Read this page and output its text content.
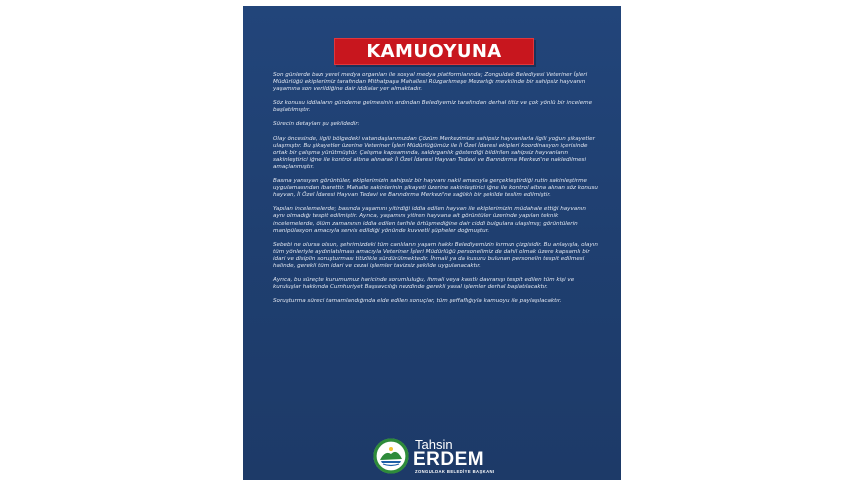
KAMUOYUNA

Son günlerde bazı yerel medya organları ile sosyal medya platformlarında; Zonguldak Belediyesi Veteriner İşleri Müdürlüğü ekiplerimiz tarafından Mithatpaşa Mahallesi Rüzgarlımeşe Mezarlığı mevkiinde bir sahipsiz hayvanın yaşamına son verildiğine dair iddialar yer almaktadır.

Söz konusu iddiaların gündeme gelmesinin ardından Belediyemiz tarafından derhal titiz ve çok yönlü bir inceleme başlatılmıştır.

Sürecin detayları şu şekildedir:

Olay öncesinde, ilgili bölgedeki vatandaşlarımızdan Çözüm Merkezimize sahipsiz hayvanlarla ilgili yoğun şikayetler ulaşmıştır. Bu şikayetler üzerine Veteriner İşleri Müdürlüğümüz ile İl Özel İdaresi ekipleri koordinasyon içerisinde ortak bir çalışma yürütmüştür. Çalışma kapsamında, saldırganlık gösterdiği bildirilen sahipsiz hayvanların sakinleştirici iğne ile kontrol altına alınarak İl Özel İdaresi Hayvan Tedavi ve Barındırma Merkezi'ne nakledilmesi amaçlanmıştır.

Basına yansıyan görüntüler, ekiplerimizin sahipsiz bir hayvanı nakil amacıyla gerçekleştirdiği rutin sakinleştirme uygulamasından ibarettir. Mahalle sakinlerinin şikayeti üzerine sakinleştirici iğne ile kontrol altına alınan söz konusu hayvan, İl Özel İdaresi Hayvan Tedavi ve Barındırma Merkezi'ne sağlıklı bir şekilde teslim edilmiştir.

Yapılan incelemelerde; basında yaşamını yitirdiği iddia edilen hayvan ile ekiplerimizin müdahale ettiği hayvanın aynı olmadığı tespit edilmiştir. Ayrıca, yaşamını yitiren hayvana ait görüntüler üzerinde yapılan teknik incelemelerde, ölüm zamanının iddia edilen tarihle örtüşmediğine dair ciddi bulgulara ulaşılmış; görüntülerin manipülasyon amacıyla servis edildiği yönünde kuvvetli şüpheler doğmuştur.

Sebebi ne olursa olsun, şehrimizdeki tüm canlıların yaşam hakkı Belediyemizin kırmızı çizgisidir. Bu anlayışla, olayın tüm yönleriyle aydınlatılması amacıyla Veteriner İşleri Müdürlüğü personelimiz de dahil olmak üzere kapsamlı bir idari ve disiplin soruşturması titizlikle sürdürülmektedir. İhmali ya da kusuru bulunan personelin tespit edilmesi halinde, gerekli tüm idari ve cezai işlemler tavizsiz şekilde uygulanacaktır.

Ayrıca, bu süreçte kurumumuz haricinde sorumluluğu, ihmali veya kasıtlı davranışı tespit edilen tüm kişi ve kuruluşlar hakkında Cumhuriyet Başsavcılığı nezdinde gerekli yasal işlemler derhal başlatılacaktır.

Soruşturma süreci tamamlandığında elde edilen sonuçlar, tüm şeffaflığıyla kamuoyu ile paylaşılacaktır.

Tahsin
ERDEM
ZONGULDAK BELEDİYE BAŞKANI
